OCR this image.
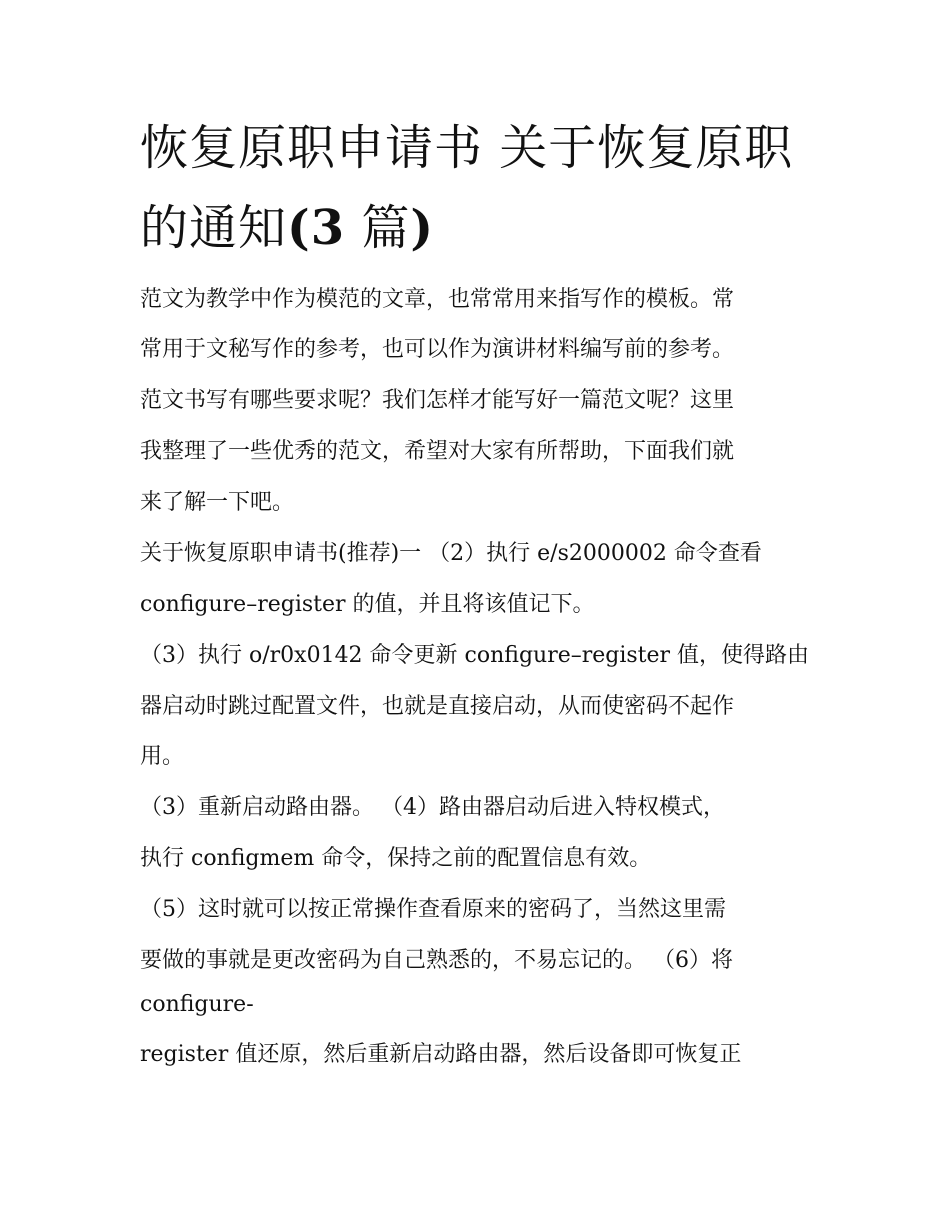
恢复原职申请书 关于恢复原职
的通知(3 篇)
范文为教学中作为模范的文章，也常常用来指写作的模板。常
常用于文秘写作的参考，也可以作为演讲材料编写前的参考。
范文书写有哪些要求呢？我们怎样才能写好一篇范文呢？这里
我整理了一些优秀的范文，希望对大家有所帮助，下面我们就
来了解一下吧。
关于恢复原职申请书(推荐)一 （2）执行 e/s2000002 命令查看
configure–register 的值，并且将该值记下。
（3）执行 o/r0x0142 命令更新 configure–register 值，使得路由
器启动时跳过配置文件，也就是直接启动，从而使密码不起作
用。
（3）重新启动路由器。 （4）路由器启动后进入特权模式，
执行 configmem 命令，保持之前的配置信息有效。
（5）这时就可以按正常操作查看原来的密码了，当然这里需
要做的事就是更改密码为自己熟悉的，不易忘记的。 （6）将
configure-
register 值还原，然后重新启动路由器，然后设备即可恢复正
